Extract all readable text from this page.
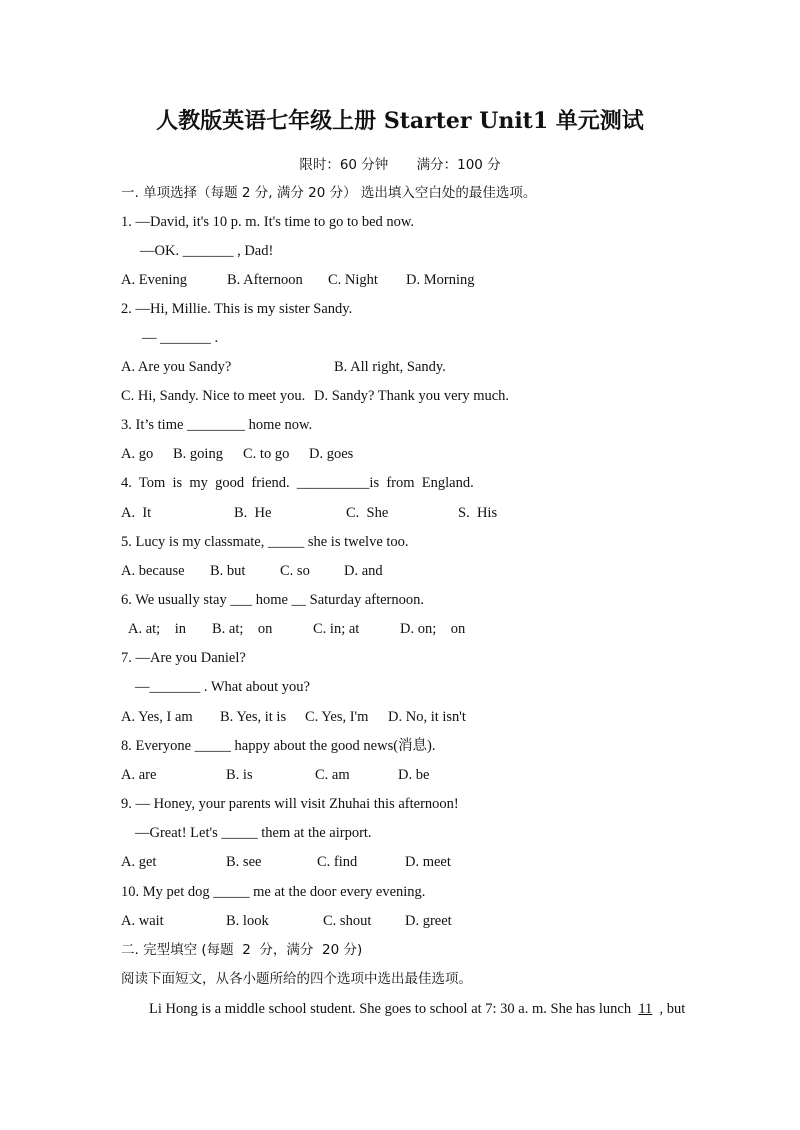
人教版英语七年级上册 Starter Unit1 单元测试
限时：60 分钟 满分：100 分
一. 单项选择（每题 2 分, 满分 20 分） 选出填入空白处的最佳选项。
1. —David, it's 10 p. m. It's time to go to bed now.
—OK. _______ , Dad!
A. Evening	B. Afternoon C. Night D. Morning
2. —Hi, Millie. This is my sister Sandy.
— _______ .
A. Are you Sandy?	B. All right, Sandy.
C. Hi, Sandy. Nice to meet you. D. Sandy? Thank you very much.
3. It’s time ________ home now.
A. go B. going C. to go D. goes
4.  Tom  is  my  good  friend.  __________is  from  England.
A.  It	B.  He	C.  She	S.  His
5. Lucy is my classmate, _____ she is twelve too.
A. because B. but C. so D. and
6. We usually stay ___ home __ Saturday afternoon.
A. at;    in B. at;    on	C. in; at	D. on;    on
7. —Are you Daniel?
—_______ . What about you?
A. Yes, I am B. Yes, it is C. Yes, I'm D. No, it isn't
8. Everyone _____ happy about the good news(消息).
A. are	B. is	C. am	D. be
9. — Honey, your parents will visit Zhuhai this afternoon!
—Great! Let's _____ them at the airport.
A. get	B. see	C. find	D. meet
10. My pet dog _____ me at the door every evening.
A. wait	B. look	C. shout D. greet
二. 完型填空 (每题  2  分，满分  20 分)
阅读下面短文，从各小题所给的四个选项中选出最佳选项。
Li Hong is a middle school student. She goes to school at 7: 30 a. m. She has lunch  11  , but
